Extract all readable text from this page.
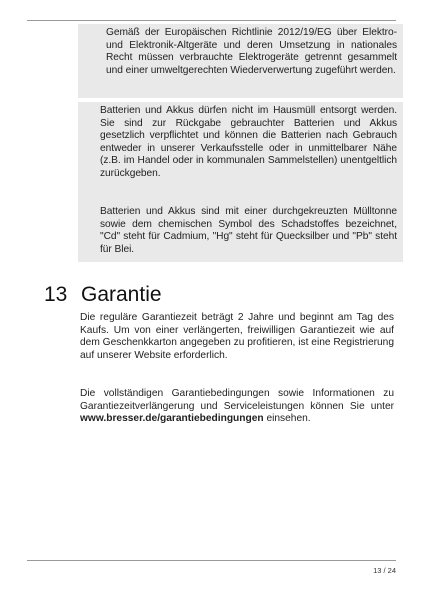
Gemäß der Europäischen Richtlinie 2012/19/EG über Elektro- und Elektronik-Altgeräte und deren Umsetzung in nationales Recht müssen verbrauchte Elektrogeräte getrennt gesammelt und einer umweltgerechten Wiederverwertung zugeführt werden.

Batterien und Akkus dürfen nicht im Hausmüll entsorgt werden. Sie sind zur Rückgabe gebrauchter Batterien und Akkus gesetzlich verpflichtet und können die Batterien nach Gebrauch entweder in unserer Verkaufsstelle oder in unmittelbarer Nähe (z.B. im Handel oder in kommunalen Sammelstellen) unentgeltlich zurückgeben.

Batterien und Akkus sind mit einer durchgekreuzten Mülltonne sowie dem chemischen Symbol des Schadstoffes bezeichnet, "Cd" steht für Cadmium, "Hg" steht für Quecksilber und "Pb" steht für Blei.

13 Garantie

Die reguläre Garantiezeit beträgt 2 Jahre und beginnt am Tag des Kaufs. Um von einer verlängerten, freiwilligen Garantiezeit wie auf dem Geschenkkarton angegeben zu profitieren, ist eine Registrierung auf unserer Website erforderlich.

Die vollständigen Garantiebedingungen sowie Informationen zu Garantiezeitverlängerung und Serviceleistungen können Sie unter www.bresser.de/garantiebedingungen einsehen.

13 / 24
